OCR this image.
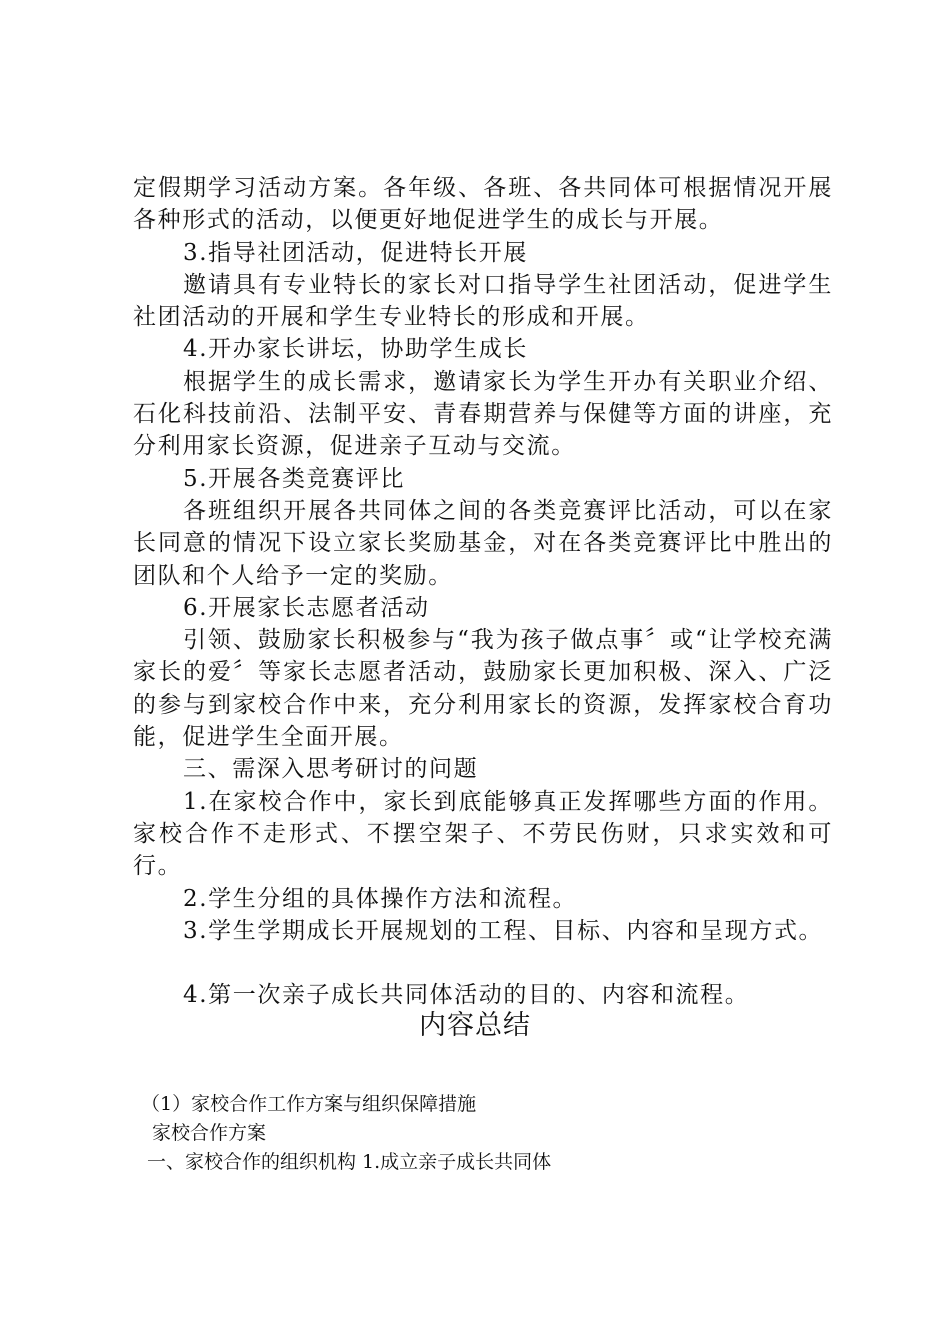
定假期学习活动方案。各年级、各班、各共同体可根据情况开展各种形式的活动，以便更好地促进学生的成长与开展。

3.指导社团活动，促进特长开展

邀请具有专业特长的家长对口指导学生社团活动，促进学生社团活动的开展和学生专业特长的形成和开展。

4.开办家长讲坛，协助学生成长

根据学生的成长需求，邀请家长为学生开办有关职业介绍、石化科技前沿、法制平安、青春期营养与保健等方面的讲座，充分利用家长资源，促进亲子互动与交流。

5.开展各类竞赛评比

各班组织开展各共同体之间的各类竞赛评比活动，可以在家长同意的情况下设立家长奖励基金，对在各类竞赛评比中胜出的团队和个人给予一定的奖励。

6.开展家长志愿者活动

引领、鼓励家长积极参与“我为孩子做点事〞或“让学校充满家长的爱〞等家长志愿者活动，鼓励家长更加积极、深入、广泛的参与到家校合作中来，充分利用家长的资源，发挥家校合育功能，促进学生全面开展。

三、需深入思考研讨的问题

1.在家校合作中，家长到底能够真正发挥哪些方面的作用。家校合作不走形式、不摆空架子、不劳民伤财，只求实效和可行。

2.学生分组的具体操作方法和流程。

3.学生学期成长开展规划的工程、目标、内容和呈现方式。

4.第一次亲子成长共同体活动的目的、内容和流程。

内容总结

（1）家校合作工作方案与组织保障措施

家校合作方案

一、家校合作的组织机构 1.成立亲子成长共同体
